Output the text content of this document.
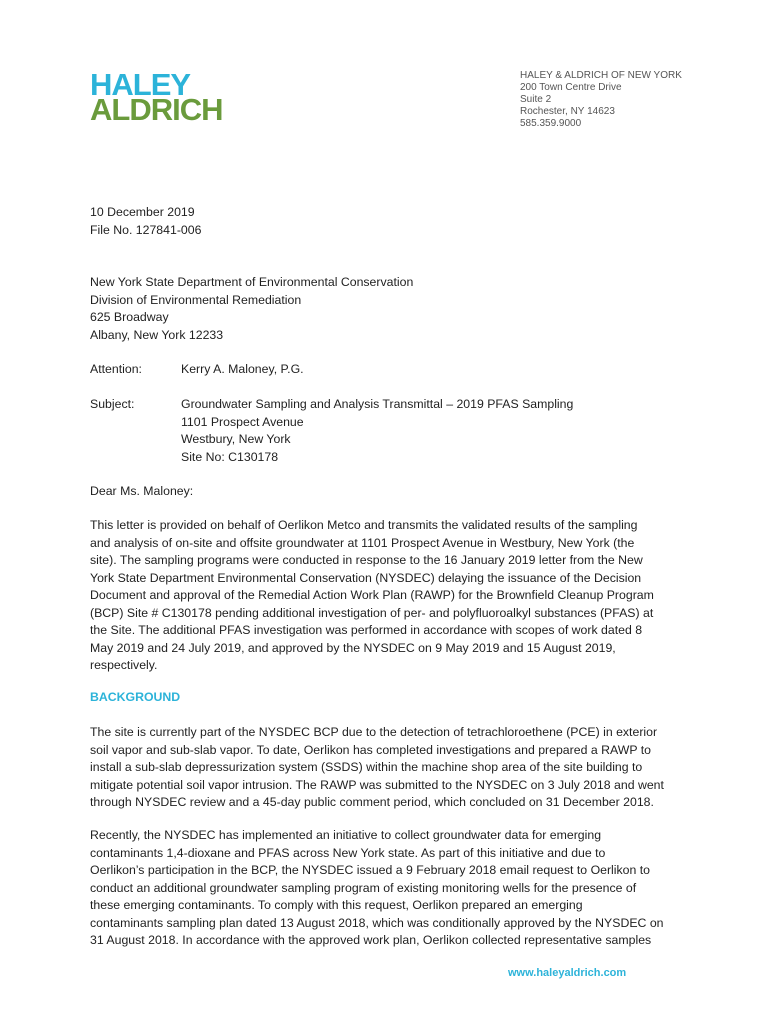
HALEY
ALDRICH
HALEY & ALDRICH OF NEW YORK
200 Town Centre Drive
Suite 2
Rochester, NY 14623
585.359.9000
10 December 2019
File No. 127841-006
New York State Department of Environmental Conservation
Division of Environmental Remediation
625 Broadway
Albany, New York 12233
Attention:	Kerry A. Maloney, P.G.
Subject:	Groundwater Sampling and Analysis Transmittal – 2019 PFAS Sampling
1101 Prospect Avenue
Westbury, New York
Site No: C130178
Dear Ms. Maloney:
This letter is provided on behalf of Oerlikon Metco and transmits the validated results of the sampling
and analysis of on-site and offsite groundwater at 1101 Prospect Avenue in Westbury, New York (the
site). The sampling programs were conducted in response to the 16 January 2019 letter from the New
York State Department Environmental Conservation (NYSDEC) delaying the issuance of the Decision
Document and approval of the Remedial Action Work Plan (RAWP) for the Brownfield Cleanup Program
(BCP) Site # C130178 pending additional investigation of per- and polyfluoroalkyl substances (PFAS) at
the Site. The additional PFAS investigation was performed in accordance with scopes of work dated 8
May 2019 and 24 July 2019, and approved by the NYSDEC on 9 May 2019 and 15 August 2019,
respectively.
BACKGROUND
The site is currently part of the NYSDEC BCP due to the detection of tetrachloroethene (PCE) in exterior
soil vapor and sub-slab vapor. To date, Oerlikon has completed investigations and prepared a RAWP to
install a sub-slab depressurization system (SSDS) within the machine shop area of the site building to
mitigate potential soil vapor intrusion. The RAWP was submitted to the NYSDEC on 3 July 2018 and went
through NYSDEC review and a 45-day public comment period, which concluded on 31 December 2018.
Recently, the NYSDEC has implemented an initiative to collect groundwater data for emerging
contaminants 1,4-dioxane and PFAS across New York state. As part of this initiative and due to
Oerlikon’s participation in the BCP, the NYSDEC issued a 9 February 2018 email request to Oerlikon to
conduct an additional groundwater sampling program of existing monitoring wells for the presence of
these emerging contaminants. To comply with this request, Oerlikon prepared an emerging
contaminants sampling plan dated 13 August 2018, which was conditionally approved by the NYSDEC on
31 August 2018. In accordance with the approved work plan, Oerlikon collected representative samples
www.haleyaldrich.com
